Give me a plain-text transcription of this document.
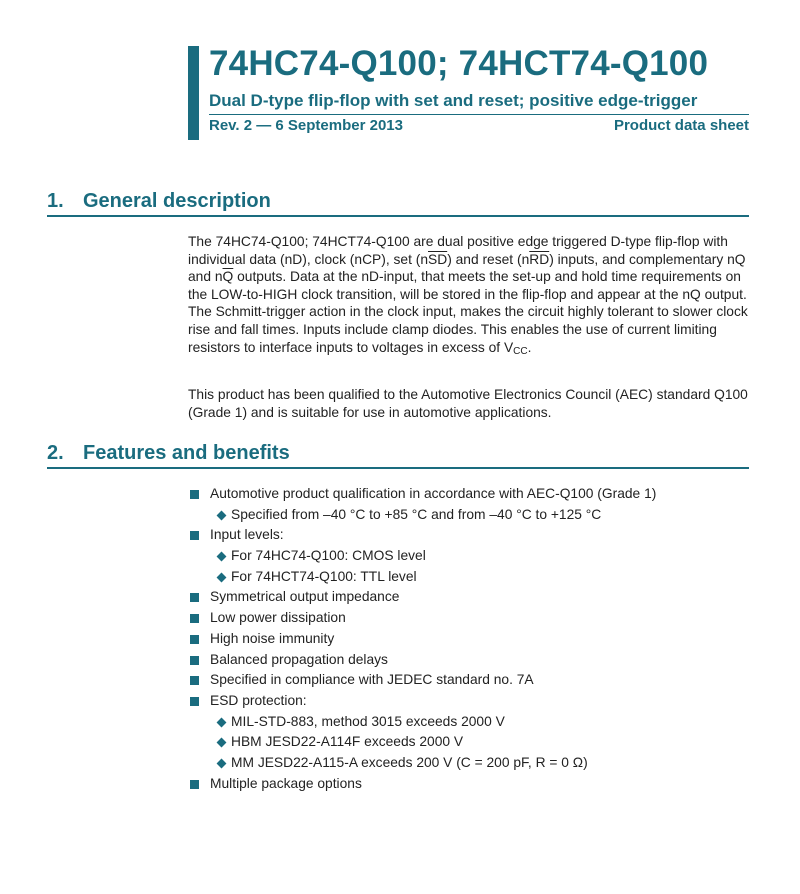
74HC74-Q100; 74HCT74-Q100
Dual D-type flip-flop with set and reset; positive edge-trigger
Rev. 2 — 6 September 2013	Product data sheet
1. General description
The 74HC74-Q100; 74HCT74-Q100 are dual positive edge triggered D-type flip-flop with individual data (nD), clock (nCP), set $(n\overline{SD})$ and reset $(n\overline{RD})$ inputs, and complementary nQ and $n\overline{Q}$ outputs. Data at the nD-input, that meets the set-up and hold time requirements on the LOW-to-HIGH clock transition, will be stored in the flip-flop and appear at the nQ output. The Schmitt-trigger action in the clock input, makes the circuit highly tolerant to slower clock rise and fall times. Inputs include clamp diodes. This enables the use of current limiting resistors to interface inputs to voltages in excess of $V_{CC}$.
This product has been qualified to the Automotive Electronics Council (AEC) standard Q100 (Grade 1) and is suitable for use in automotive applications.
2. Features and benefits
Automotive product qualification in accordance with AEC-Q100 (Grade 1)
Specified from –40 °C to +85 °C and from –40 °C to +125 °C
Input levels:
For 74HC74-Q100: CMOS level
For 74HCT74-Q100: TTL level
Symmetrical output impedance
Low power dissipation
High noise immunity
Balanced propagation delays
Specified in compliance with JEDEC standard no. 7A
ESD protection:
MIL-STD-883, method 3015 exceeds 2000 V
HBM JESD22-A114F exceeds 2000 V
MM JESD22-A115-A exceeds 200 V (C = 200 pF, R = 0 Ω)
Multiple package options
